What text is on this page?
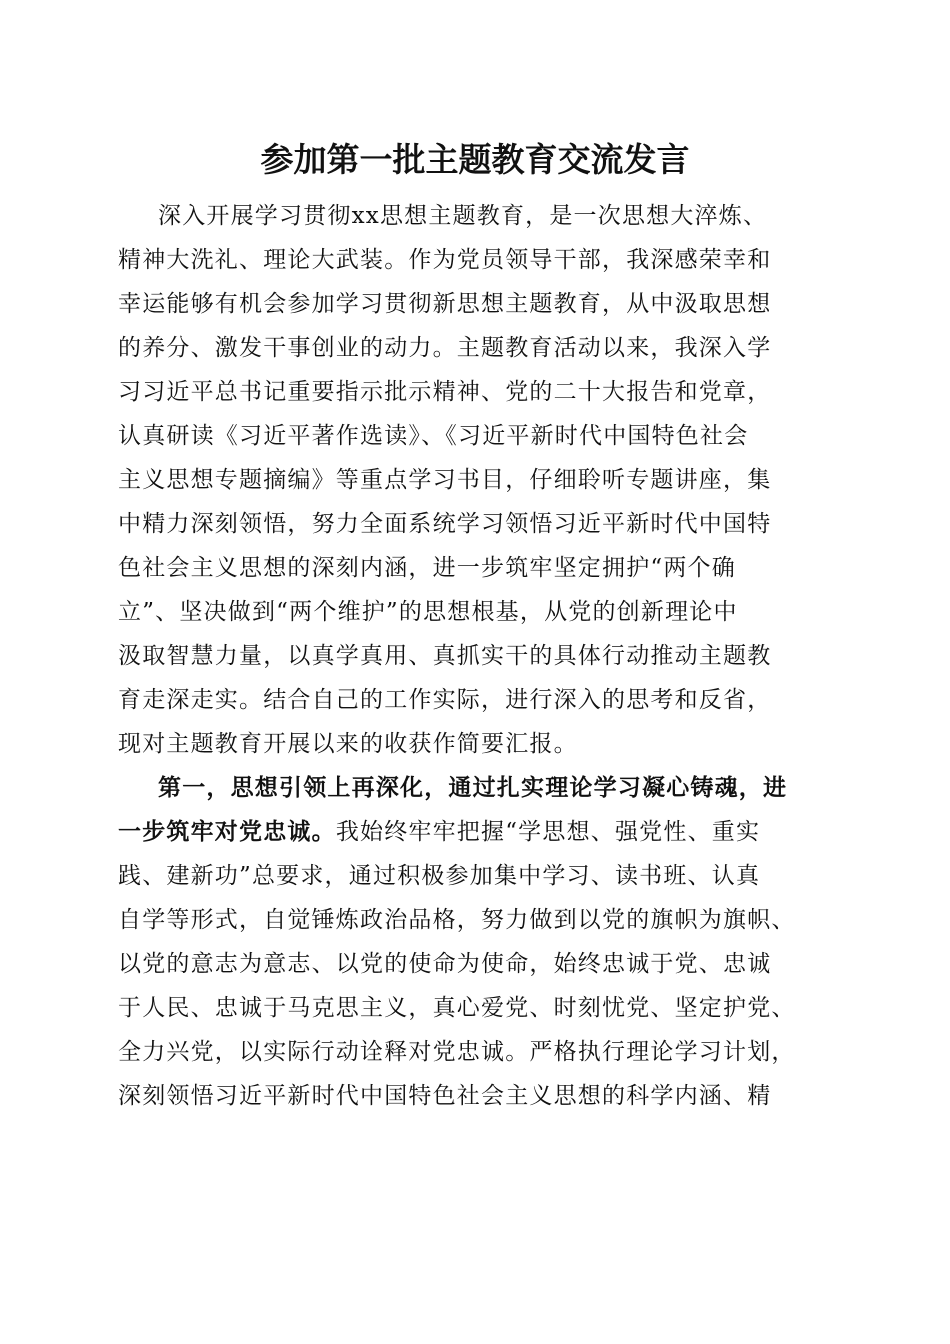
参加第一批主题教育交流发言
深入开展学习贯彻xx思想主题教育，是一次思想大淬炼、
精神大洗礼、理论大武装。作为党员领导干部，我深感荣幸和
幸运能够有机会参加学习贯彻新思想主题教育，从中汲取思想
的养分、激发干事创业的动力。主题教育活动以来，我深入学
习习近平总书记重要指示批示精神、党的二十大报告和党章，
认真研读《习近平著作选读》、《习近平新时代中国特色社会
主义思想专题摘编》等重点学习书目，仔细聆听专题讲座，集
中精力深刻领悟，努力全面系统学习领悟习近平新时代中国特
色社会主义思想的深刻内涵，进一步筑牢坚定拥护“两个确
立”、坚决做到“两个维护”的思想根基，从党的创新理论中
汲取智慧力量，以真学真用、真抓实干的具体行动推动主题教
育走深走实。结合自己的工作实际，进行深入的思考和反省，
现对主题教育开展以来的收获作简要汇报。
第一，思想引领上再深化，通过扎实理论学习凝心铸魂，进
一步筑牢对党忠诚。我始终牢牢把握“学思想、强党性、重实
践、建新功”总要求，通过积极参加集中学习、读书班、认真
自学等形式，自觉锤炼政治品格，努力做到以党的旗帜为旗帜、
以党的意志为意志、以党的使命为使命，始终忠诚于党、忠诚
于人民、忠诚于马克思主义，真心爱党、时刻忧党、坚定护党、
全力兴党，以实际行动诠释对党忠诚。严格执行理论学习计划，
深刻领悟习近平新时代中国特色社会主义思想的科学内涵、精
